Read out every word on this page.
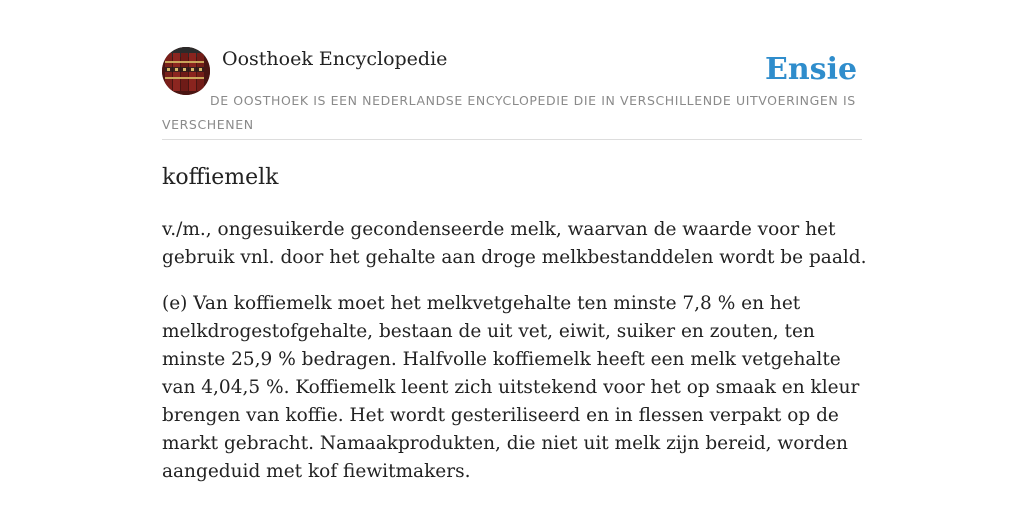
Oosthoek Encyclopedie	Ensie
DE OOSTHOEK IS EEN NEDERLANDSE ENCYCLOPEDIE DIE IN VERSCHILLENDE UITVOERINGEN IS VERSCHENEN
koffiemelk

v./m., ongesuikerde gecondenseerde melk, waarvan de waarde voor het gebruik vnl. door het gehalte aan droge melkbestanddelen wordt be paald.

(e) Van koffiemelk moet het melkvetgehalte ten minste 7,8 % en het melkdrogestofgehalte, bestaan de uit vet, eiwit, suiker en zouten, ten minste 25,9 % bedragen. Halfvolle koffiemelk heeft een melk vetgehalte van 4,04,5 %. Koffiemelk leent zich uitstekend voor het op smaak en kleur brengen van koffie. Het wordt gesteriliseerd en in flessen verpakt op de markt gebracht. Namaakprodukten, die niet uit melk zijn bereid, worden aangeduid met kof fiewitmakers.
